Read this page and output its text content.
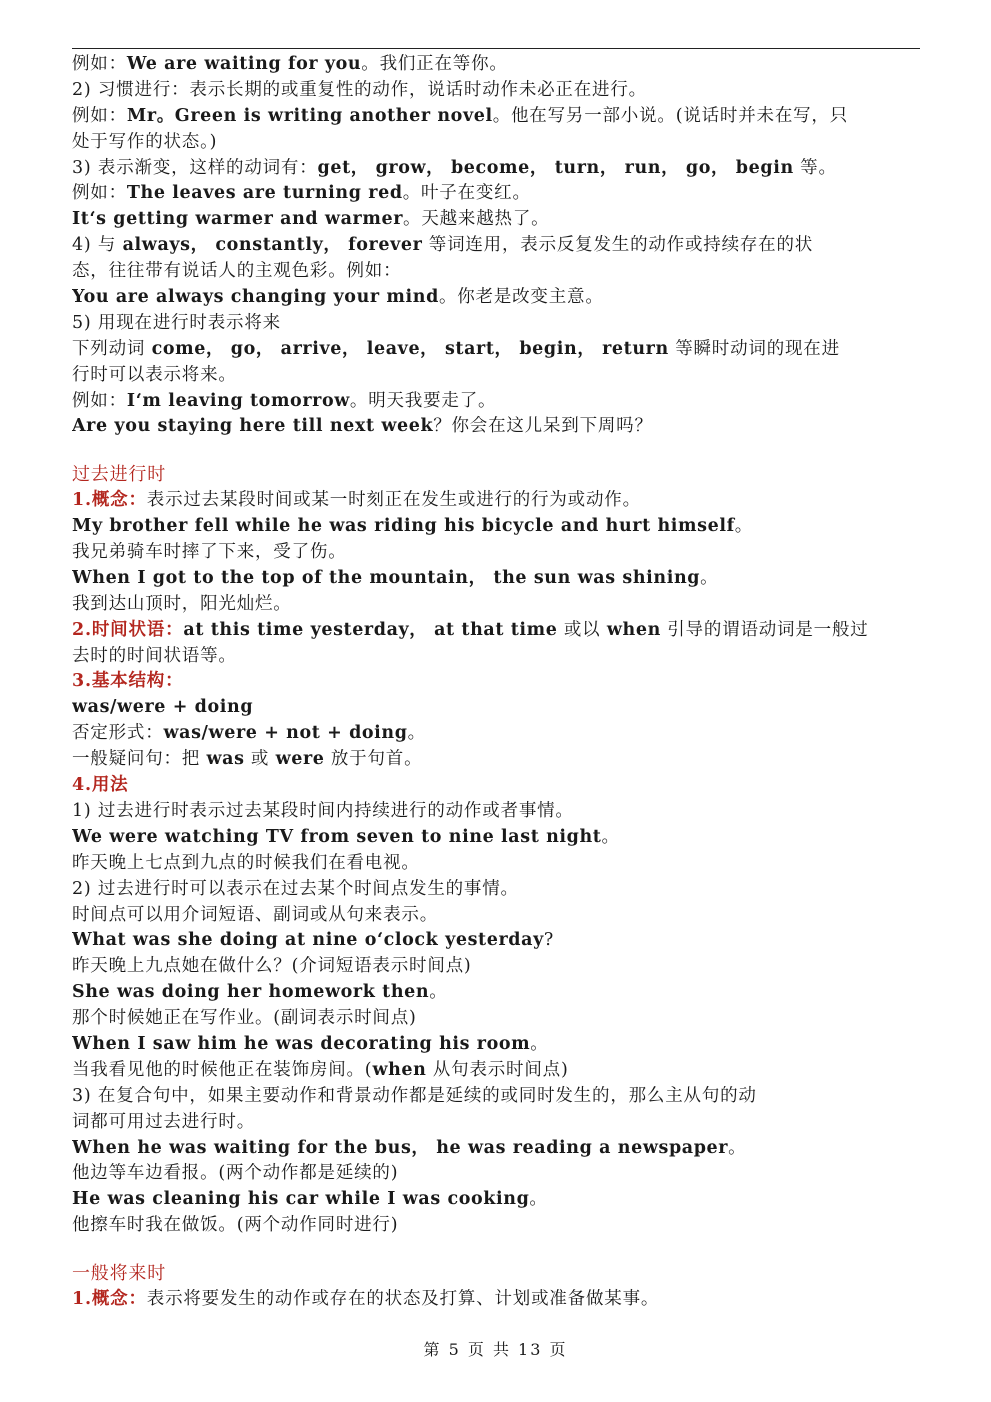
例如：We are waiting for you。我们正在等你。
2) 习惯进行：表示长期的或重复性的动作，说话时动作未必正在进行。
例如：Mr。Green is writing another novel。他在写另一部小说。(说话时并未在写，只
处于写作的状态。)
3) 表示渐变，这样的动词有：get， grow， become， turn， run， go， begin 等。
例如：The leaves are turning red。叶子在变红。
It‘s getting warmer and warmer。天越来越热了。
4) 与 always， constantly， forever 等词连用，表示反复发生的动作或持续存在的状
态，往往带有说话人的主观色彩。例如：
You are always changing your mind。你老是改变主意。
5) 用现在进行时表示将来
下列动词 come， go， arrive， leave， start， begin， return 等瞬时动词的现在进
行时可以表示将来。
例如：I‘m leaving tomorrow。明天我要走了。
Are you staying here till next week？你会在这儿呆到下周吗？
过去进行时
1.概念：表示过去某段时间或某一时刻正在发生或进行的行为或动作。
My brother fell while he was riding his bicycle and hurt himself。
我兄弟骑车时摔了下来，受了伤。
When I got to the top of the mountain， the sun was shining。
我到达山顶时，阳光灿烂。
2.时间状语：at this time yesterday， at that time 或以 when 引导的谓语动词是一般过
去时的时间状语等。
3.基本结构：
was/were + doing
否定形式：was/were + not + doing。
一般疑问句：把 was 或 were 放于句首。
4.用法
1) 过去进行时表示过去某段时间内持续进行的动作或者事情。
We were watching TV from seven to nine last night。
昨天晚上七点到九点的时候我们在看电视。
2) 过去进行时可以表示在过去某个时间点发生的事情。
时间点可以用介词短语、副词或从句来表示。
What was she doing at nine o‘clock yesterday?
昨天晚上九点她在做什么？(介词短语表示时间点)
She was doing her homework then。
那个时候她正在写作业。(副词表示时间点)
When I saw him he was decorating his room。
当我看见他的时候他正在装饰房间。(when 从句表示时间点)
3) 在复合句中，如果主要动作和背景动作都是延续的或同时发生的，那么主从句的动
词都可用过去进行时。
When he was waiting for the bus， he was reading a newspaper。
他边等车边看报。(两个动作都是延续的)
He was cleaning his car while I was cooking。
他擦车时我在做饭。(两个动作同时进行)
一般将来时
1.概念：表示将要发生的动作或存在的状态及打算、计划或准备做某事。
第 5 页 共 13 页
